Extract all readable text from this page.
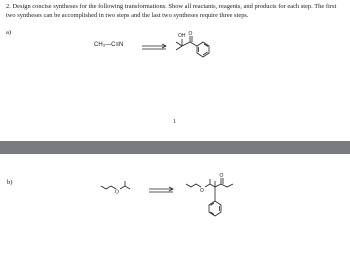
2. Design concise syntheses for the following transformations. Show all reactants, reagents, and products for each step. The first two syntheses can be accomplished in two steps and the last two syntheses require three steps.
a)
CH₃—C≡N
OH O
1
b)
O	O
O
